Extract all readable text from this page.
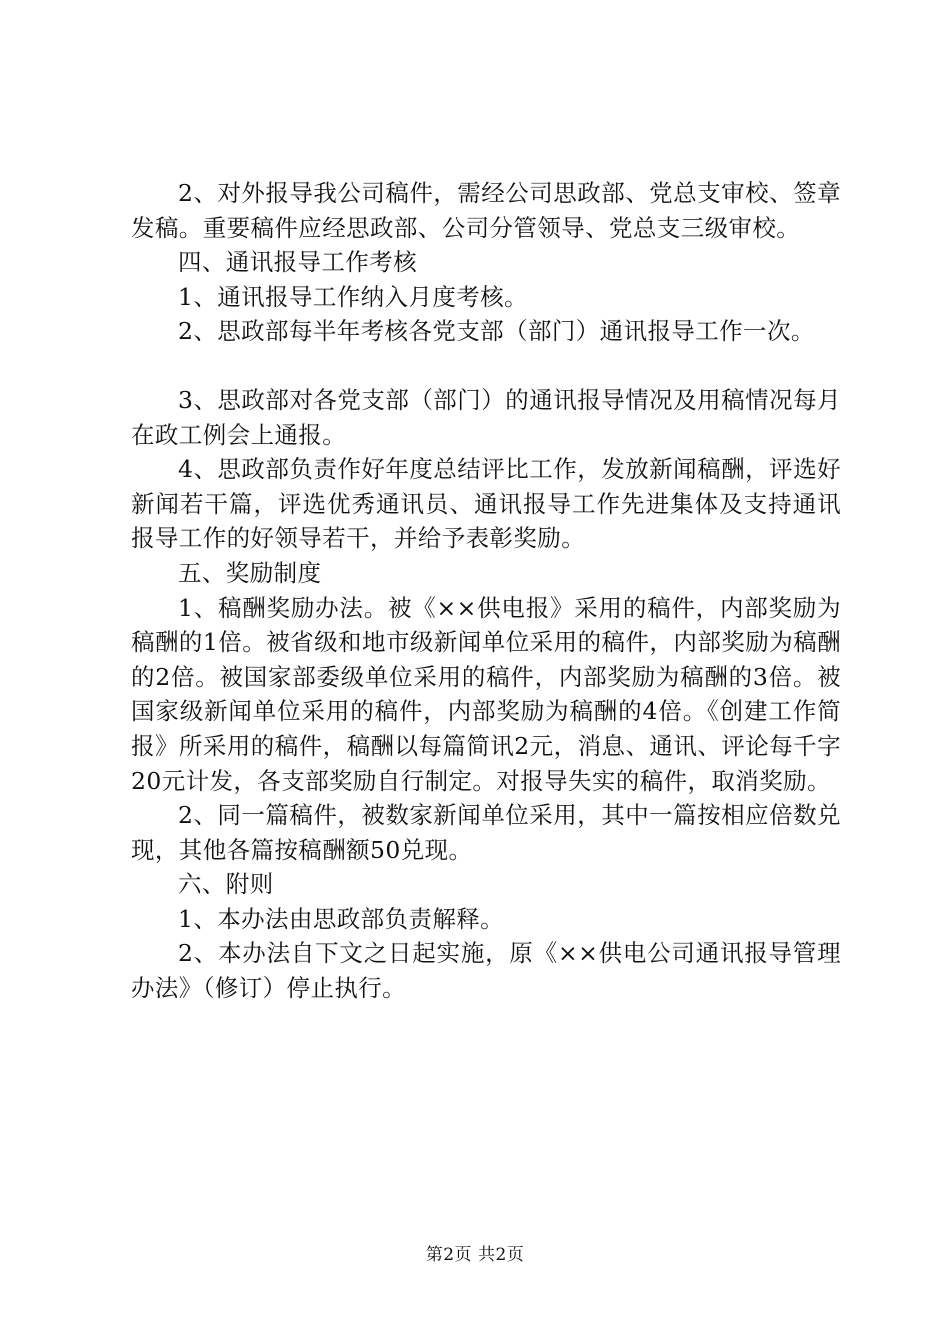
2、对外报导我公司稿件，需经公司思政部、党总支审校、签章发稿。重要稿件应经思政部、公司分管领导、党总支三级审校。

四、通讯报导工作考核

1、通讯报导工作纳入月度考核。

2、思政部每半年考核各党支部（部门）通讯报导工作一次。

3、思政部对各党支部（部门）的通讯报导情况及用稿情况每月在政工例会上通报。

4、思政部负责作好年度总结评比工作，发放新闻稿酬，评选好新闻若干篇，评选优秀通讯员、通讯报导工作先进集体及支持通讯报导工作的好领导若干，并给予表彰奖励。

五、奖励制度

1、稿酬奖励办法。被《××供电报》采用的稿件，内部奖励为稿酬的1倍。被省级和地市级新闻单位采用的稿件，内部奖励为稿酬的2倍。被国家部委级单位采用的稿件，内部奖励为稿酬的3倍。被国家级新闻单位采用的稿件，内部奖励为稿酬的4倍。《创建工作简报》所采用的稿件，稿酬以每篇简讯2元，消息、通讯、评论每千字20元计发，各支部奖励自行制定。对报导失实的稿件，取消奖励。

2、同一篇稿件，被数家新闻单位采用，其中一篇按相应倍数兑现，其他各篇按稿酬额50兑现。

六、附则

1、本办法由思政部负责解释。

2、本办法自下文之日起实施，原《××供电公司通讯报导管理办法》（修订）停止执行。

第2页 共2页
